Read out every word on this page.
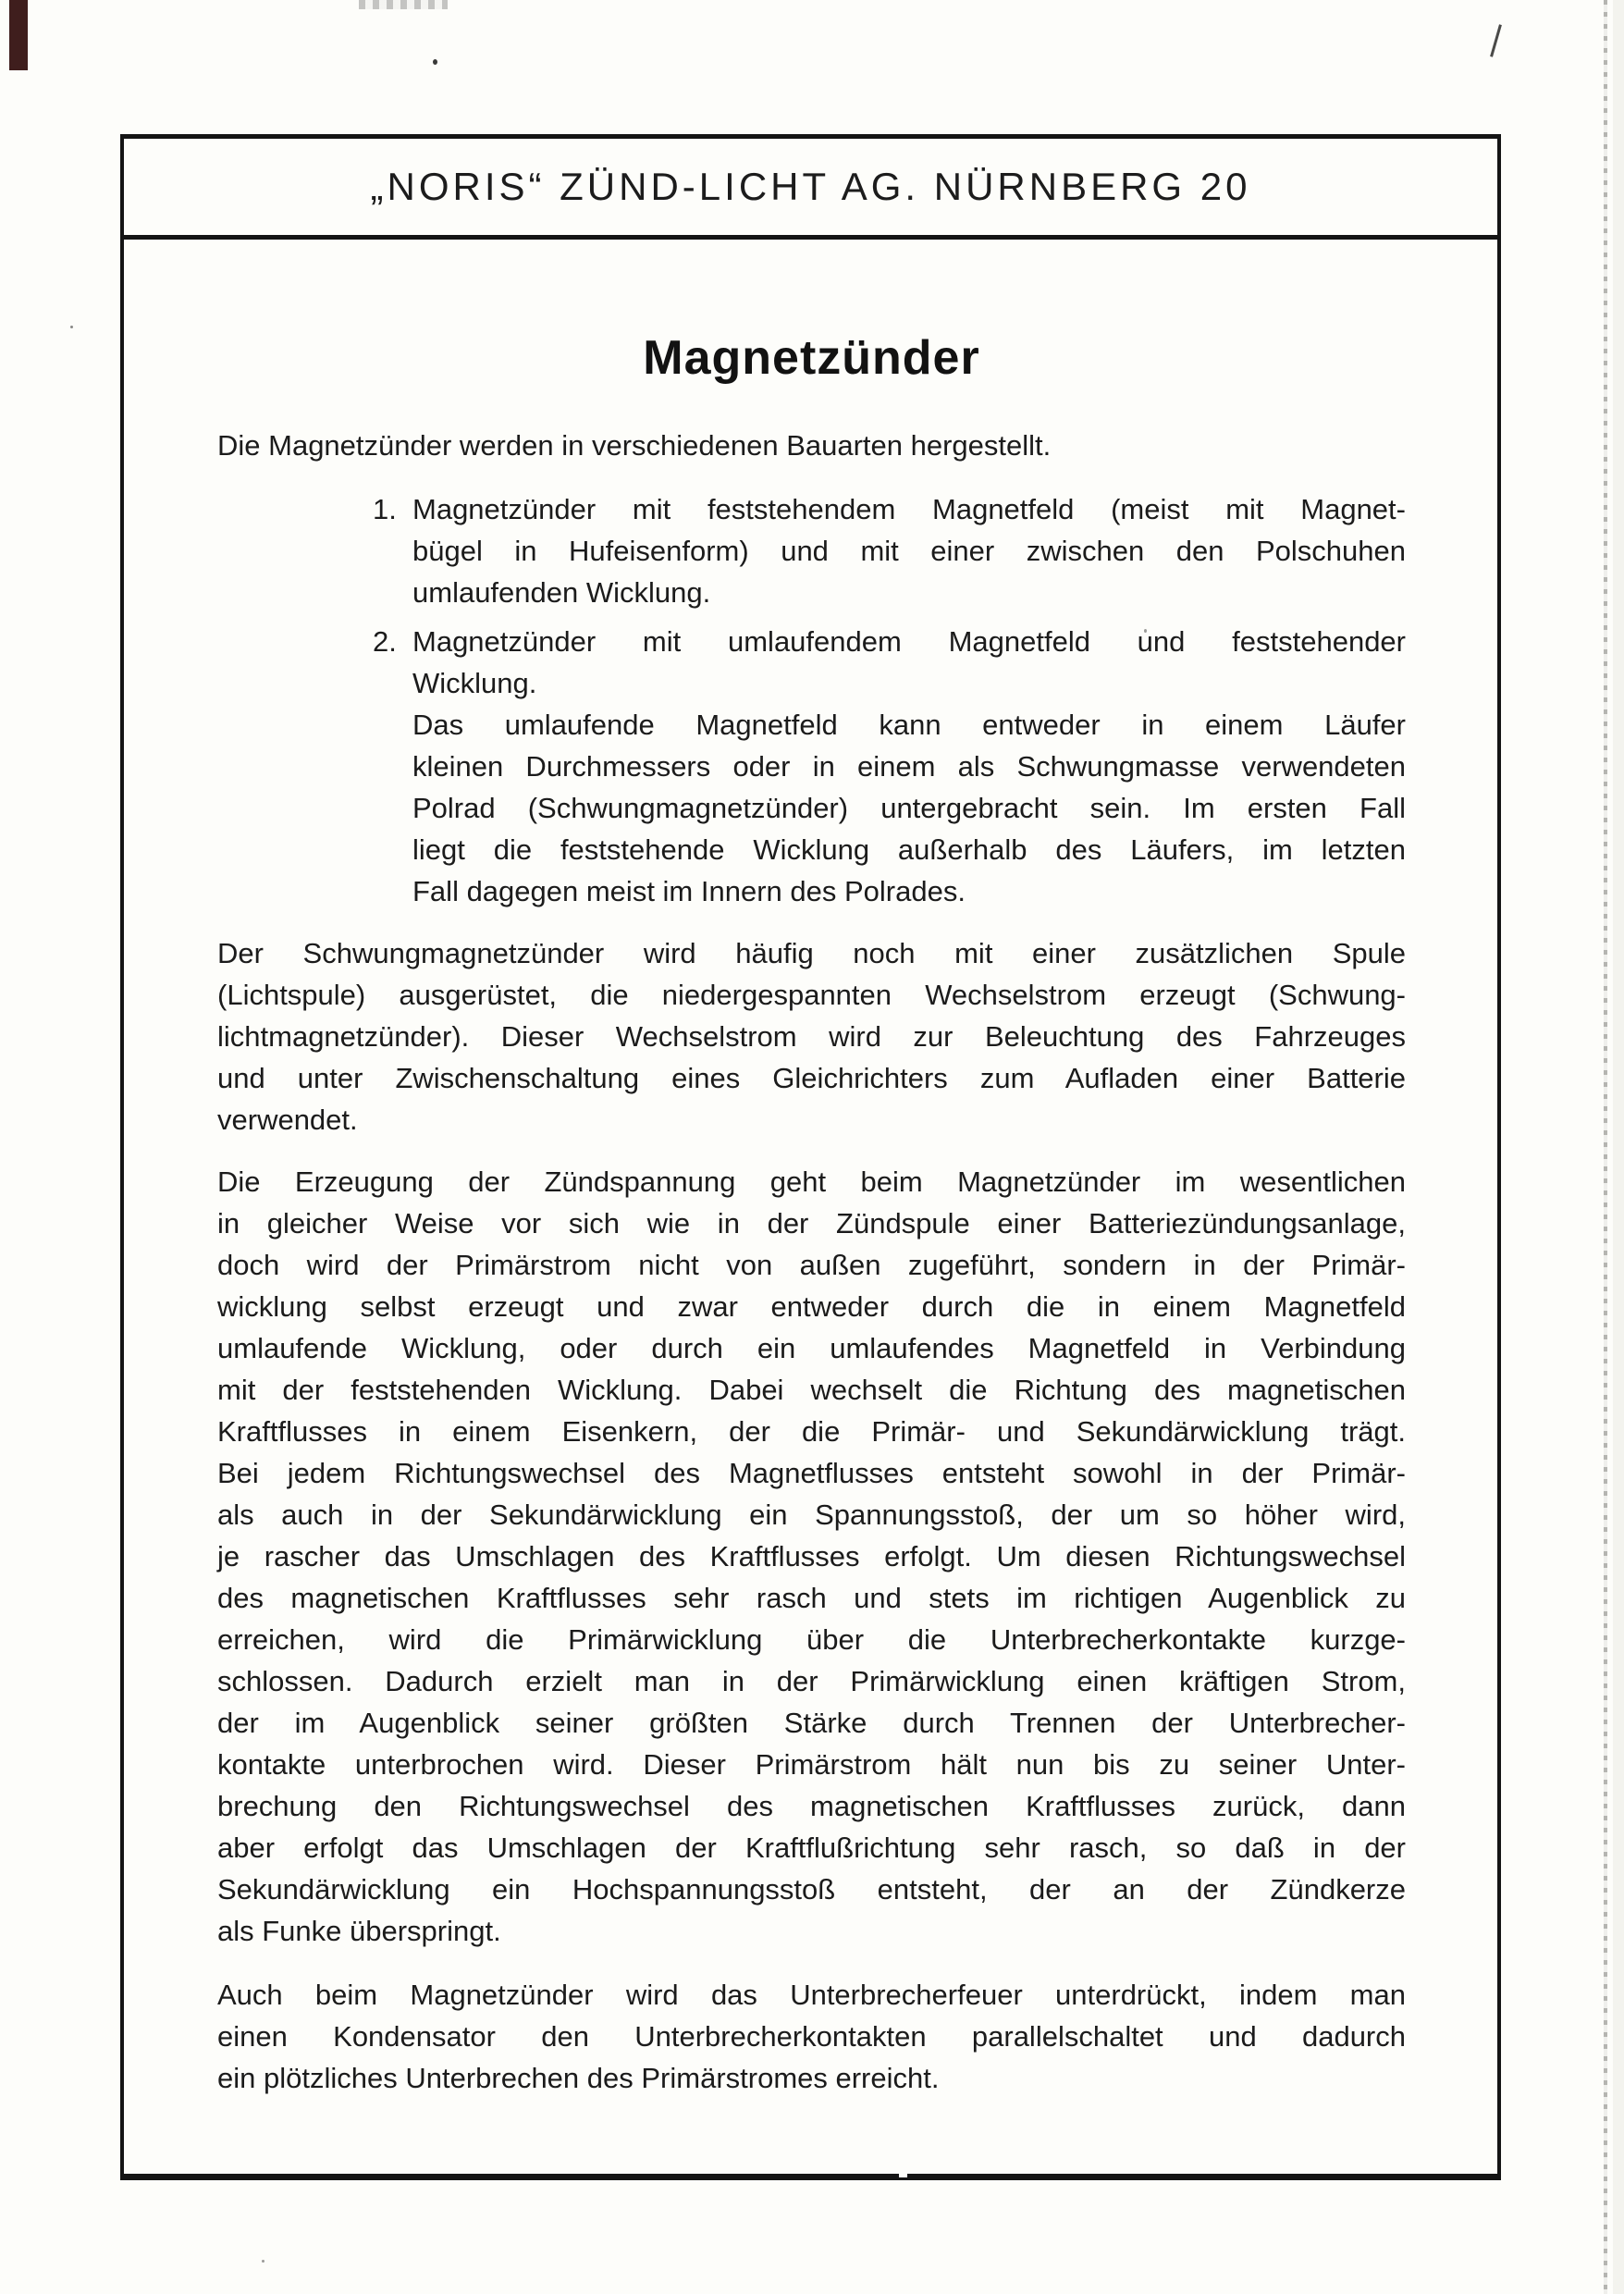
„NORIS“ ZÜND-LICHT AG. NÜRNBERG 20
Magnetzünder
Die Magnetzünder werden in verschiedenen Bauarten hergestellt.
1. Magnetzünder mit feststehendem Magnetfeld (meist mit Magnet-
bügel in Hufeisenform) und mit einer zwischen den Polschuhen
umlaufenden Wicklung.
2. Magnetzünder mit umlaufendem Magnetfeld und feststehender
Wicklung.
Das umlaufende Magnetfeld kann entweder in einem Läufer
kleinen Durchmessers oder in einem als Schwungmasse verwendeten
Polrad (Schwungmagnetzünder) untergebracht sein. Im ersten Fall
liegt die feststehende Wicklung außerhalb des Läufers, im letzten
Fall dagegen meist im Innern des Polrades.
Der Schwungmagnetzünder wird häufig noch mit einer zusätzlichen Spule
(Lichtspule) ausgerüstet, die niedergespannten Wechselstrom erzeugt (Schwung-
lichtmagnetzünder). Dieser Wechselstrom wird zur Beleuchtung des Fahrzeuges
und unter Zwischenschaltung eines Gleichrichters zum Aufladen einer Batterie
verwendet.
Die Erzeugung der Zündspannung geht beim Magnetzünder im wesentlichen
in gleicher Weise vor sich wie in der Zündspule einer Batteriezündungsanlage,
doch wird der Primärstrom nicht von außen zugeführt, sondern in der Primär-
wicklung selbst erzeugt und zwar entweder durch die in einem Magnetfeld
umlaufende Wicklung, oder durch ein umlaufendes Magnetfeld in Verbindung
mit der feststehenden Wicklung. Dabei wechselt die Richtung des magnetischen
Kraftflusses in einem Eisenkern, der die Primär- und Sekundärwicklung trägt.
Bei jedem Richtungswechsel des Magnetflusses entsteht sowohl in der Primär-
als auch in der Sekundärwicklung ein Spannungsstoß, der um so höher wird,
je rascher das Umschlagen des Kraftflusses erfolgt. Um diesen Richtungswechsel
des magnetischen Kraftflusses sehr rasch und stets im richtigen Augenblick zu
erreichen, wird die Primärwicklung über die Unterbrecherkontakte kurzge-
schlossen. Dadurch erzielt man in der Primärwicklung einen kräftigen Strom,
der im Augenblick seiner größten Stärke durch Trennen der Unterbrecher-
kontakte unterbrochen wird. Dieser Primärstrom hält nun bis zu seiner Unter-
brechung den Richtungswechsel des magnetischen Kraftflusses zurück, dann
aber erfolgt das Umschlagen der Kraftflußrichtung sehr rasch, so daß in der
Sekundärwicklung ein Hochspannungsstoß entsteht, der an der Zündkerze
als Funke überspringt.
Auch beim Magnetzünder wird das Unterbrecherfeuer unterdrückt, indem man
einen Kondensator den Unterbrecherkontakten parallelschaltet und dadurch
ein plötzliches Unterbrechen des Primärstromes erreicht.
